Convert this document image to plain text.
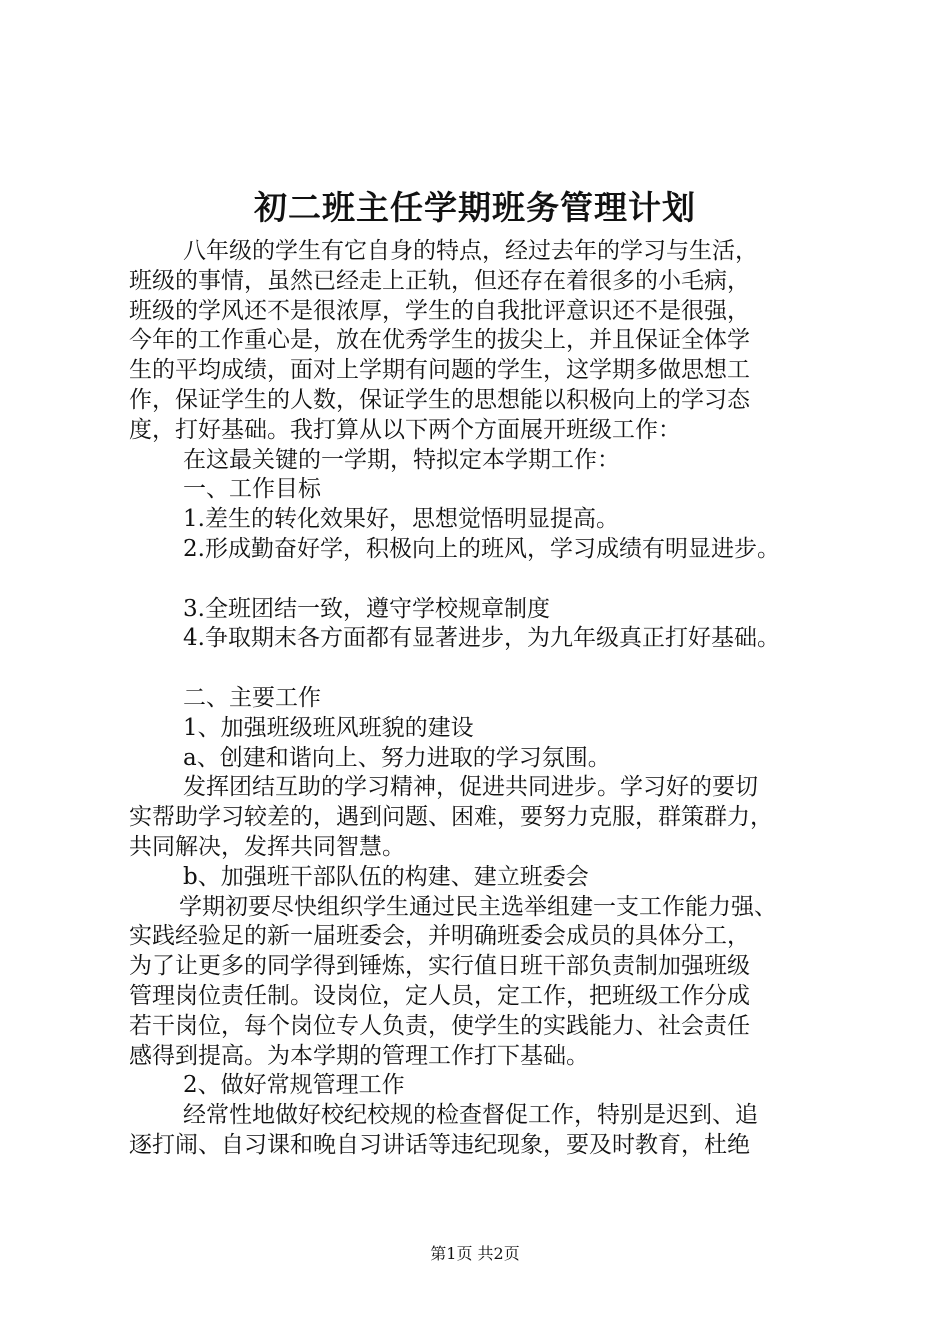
初二班主任学期班务管理计划
八年级的学生有它自身的特点，经过去年的学习与生活，
班级的事情，虽然已经走上正轨，但还存在着很多的小毛病，
班级的学风还不是很浓厚，学生的自我批评意识还不是很强，
今年的工作重心是，放在优秀学生的拔尖上，并且保证全体学
生的平均成绩，面对上学期有问题的学生，这学期多做思想工
作，保证学生的人数，保证学生的思想能以积极向上的学习态
度，打好基础。我打算从以下两个方面展开班级工作：
在这最关键的一学期，特拟定本学期工作：
一、工作目标
1.差生的转化效果好，思想觉悟明显提高。
2.形成勤奋好学，积极向上的班风，学习成绩有明显进步。
3.全班团结一致，遵守学校规章制度
4.争取期末各方面都有显著进步，为九年级真正打好基础。
二、主要工作
1、加强班级班风班貌的建设
a、创建和谐向上、努力进取的学习氛围。
发挥团结互助的学习精神，促进共同进步。学习好的要切
实帮助学习较差的，遇到问题、困难，要努力克服，群策群力，
共同解决，发挥共同智慧。
b、加强班干部队伍的构建、建立班委会
学期初要尽快组织学生通过民主选举组建一支工作能力强、
实践经验足的新一届班委会，并明确班委会成员的具体分工，
为了让更多的同学得到锤炼，实行值日班干部负责制加强班级
管理岗位责任制。设岗位，定人员，定工作，把班级工作分成
若干岗位，每个岗位专人负责，使学生的实践能力、社会责任
感得到提高。为本学期的管理工作打下基础。
2、做好常规管理工作
经常性地做好校纪校规的检查督促工作，特别是迟到、追
逐打闹、自习课和晚自习讲话等违纪现象，要及时教育，杜绝
第1页 共2页
